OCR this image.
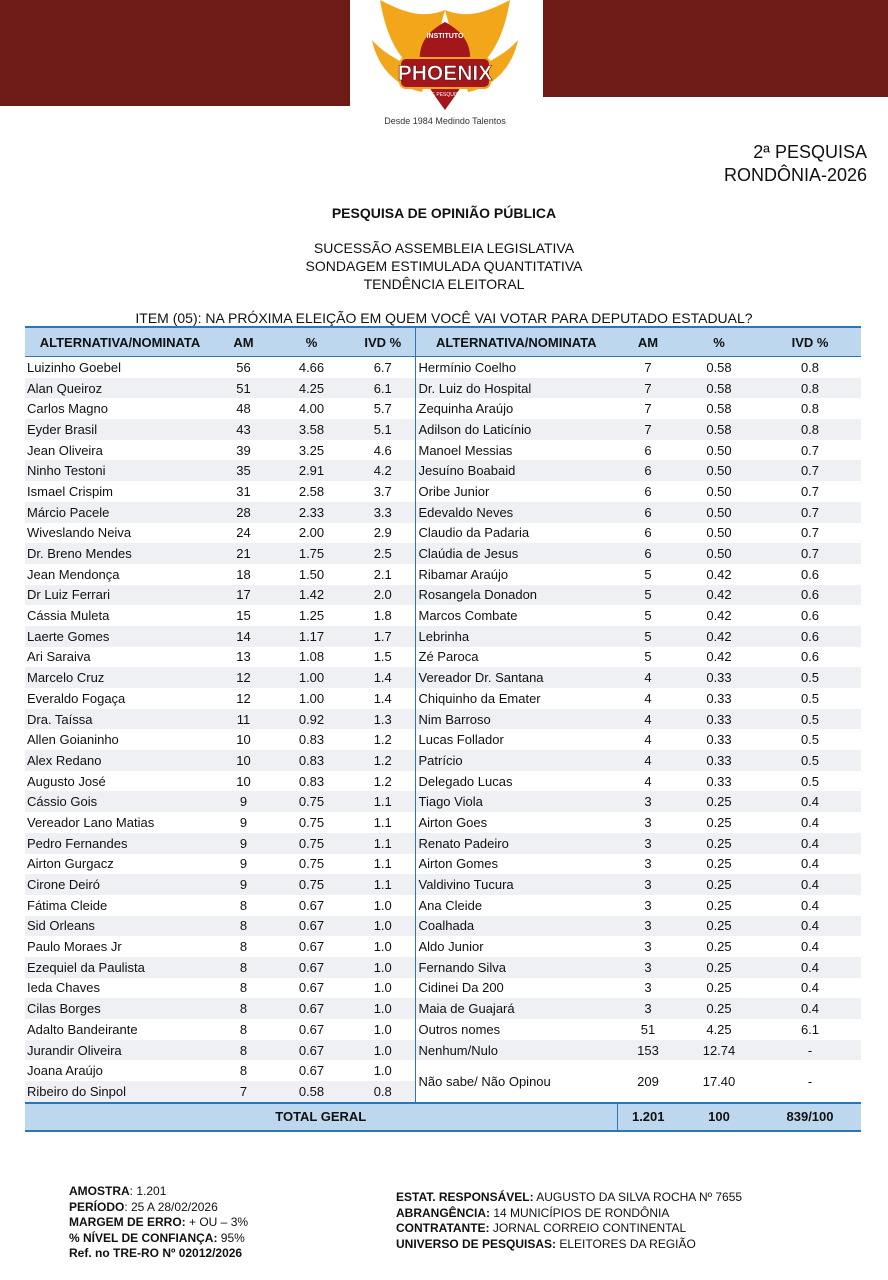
INSTITUTO
PHOENIX
DE PESQUISA
Desde 1984 Medindo Talentos
2ª PESQUISA
RONDÔNIA-2026
PESQUISA DE OPINIÃO PÚBLICA
SUCESSÃO ASSEMBLEIA LEGISLATIVA
SONDAGEM ESTIMULADA QUANTITATIVA
TENDÊNCIA ELEITORAL
ITEM (05): NA PRÓXIMA ELEIÇÃO EM QUEM VOCÊ VAI VOTAR PARA DEPUTADO ESTADUAL?
ALTERNATIVA/NOMINATA	AM	%	IVD %	ALTERNATIVA/NOMINATA	AM	%	IVD %
Luizinho Goebel	56	4.66	6.7	Hermínio Coelho	7	0.58	0.8
Alan Queiroz	51	4.25	6.1	Dr. Luiz do Hospital	7	0.58	0.8
Carlos Magno	48	4.00	5.7	Zequinha Araújo	7	0.58	0.8
Eyder Brasil	43	3.58	5.1	Adilson do Laticínio	7	0.58	0.8
Jean Oliveira	39	3.25	4.6	Manoel Messias	6	0.50	0.7
Ninho Testoni	35	2.91	4.2	Jesuíno Boabaid	6	0.50	0.7
Ismael Crispim	31	2.58	3.7	Oribe Junior	6	0.50	0.7
Márcio Pacele	28	2.33	3.3	Edevaldo Neves	6	0.50	0.7
Wiveslando Neiva	24	2.00	2.9	Claudio da Padaria	6	0.50	0.7
Dr. Breno Mendes	21	1.75	2.5	Claúdia de Jesus	6	0.50	0.7
Jean Mendonça	18	1.50	2.1	Ribamar Araújo	5	0.42	0.6
Dr Luiz Ferrari	17	1.42	2.0	Rosangela Donadon	5	0.42	0.6
Cássia Muleta	15	1.25	1.8	Marcos Combate	5	0.42	0.6
Laerte Gomes	14	1.17	1.7	Lebrinha	5	0.42	0.6
Ari Saraiva	13	1.08	1.5	Zé Paroca	5	0.42	0.6
Marcelo Cruz	12	1.00	1.4	Vereador Dr. Santana	4	0.33	0.5
Everaldo Fogaça	12	1.00	1.4	Chiquinho da Emater	4	0.33	0.5
Dra. Taíssa	11	0.92	1.3	Nim Barroso	4	0.33	0.5
Allen Goianinho	10	0.83	1.2	Lucas Follador	4	0.33	0.5
Alex Redano	10	0.83	1.2	Patrício	4	0.33	0.5
Augusto José	10	0.83	1.2	Delegado Lucas	4	0.33	0.5
Cássio Gois	9	0.75	1.1	Tiago Viola	3	0.25	0.4
Vereador Lano Matias	9	0.75	1.1	Airton Goes	3	0.25	0.4
Pedro Fernandes	9	0.75	1.1	Renato Padeiro	3	0.25	0.4
Airton Gurgacz	9	0.75	1.1	Airton Gomes	3	0.25	0.4
Cirone Deiró	9	0.75	1.1	Valdivino Tucura	3	0.25	0.4
Fátima Cleide	8	0.67	1.0	Ana Cleide	3	0.25	0.4
Sid Orleans	8	0.67	1.0	Coalhada	3	0.25	0.4
Paulo Moraes Jr	8	0.67	1.0	Aldo Junior	3	0.25	0.4
Ezequiel da Paulista	8	0.67	1.0	Fernando Silva	3	0.25	0.4
Ieda Chaves	8	0.67	1.0	Cidinei Da 200	3	0.25	0.4
Cilas Borges	8	0.67	1.0	Maia de Guajará	3	0.25	0.4
Adalto Bandeirante	8	0.67	1.0	Outros nomes	51	4.25	6.1
Jurandir Oliveira	8	0.67	1.0	Nenhum/Nulo	153	12.74	-
Joana Araújo	8	0.67	1.0	Não sabe/ Não Opinou	209	17.40	-
Ribeiro do Sinpol	7	0.58	0.8				
TOTAL GERAL					1.201	100	839/100
AMOSTRA: 1.201
PERÍODO: 25 A 28/02/2026
MARGEM DE ERRO: + OU – 3%
% NÍVEL DE CONFIANÇA: 95%
Ref. no TRE-RO Nº 02012/2026
ESTAT. RESPONSÁVEL: AUGUSTO DA SILVA ROCHA Nº 7655
ABRANGÊNCIA: 14 MUNICÍPIOS DE RONDÔNIA
CONTRATANTE: JORNAL CORREIO CONTINENTAL
UNIVERSO DE PESQUISAS: ELEITORES DA REGIÃO
